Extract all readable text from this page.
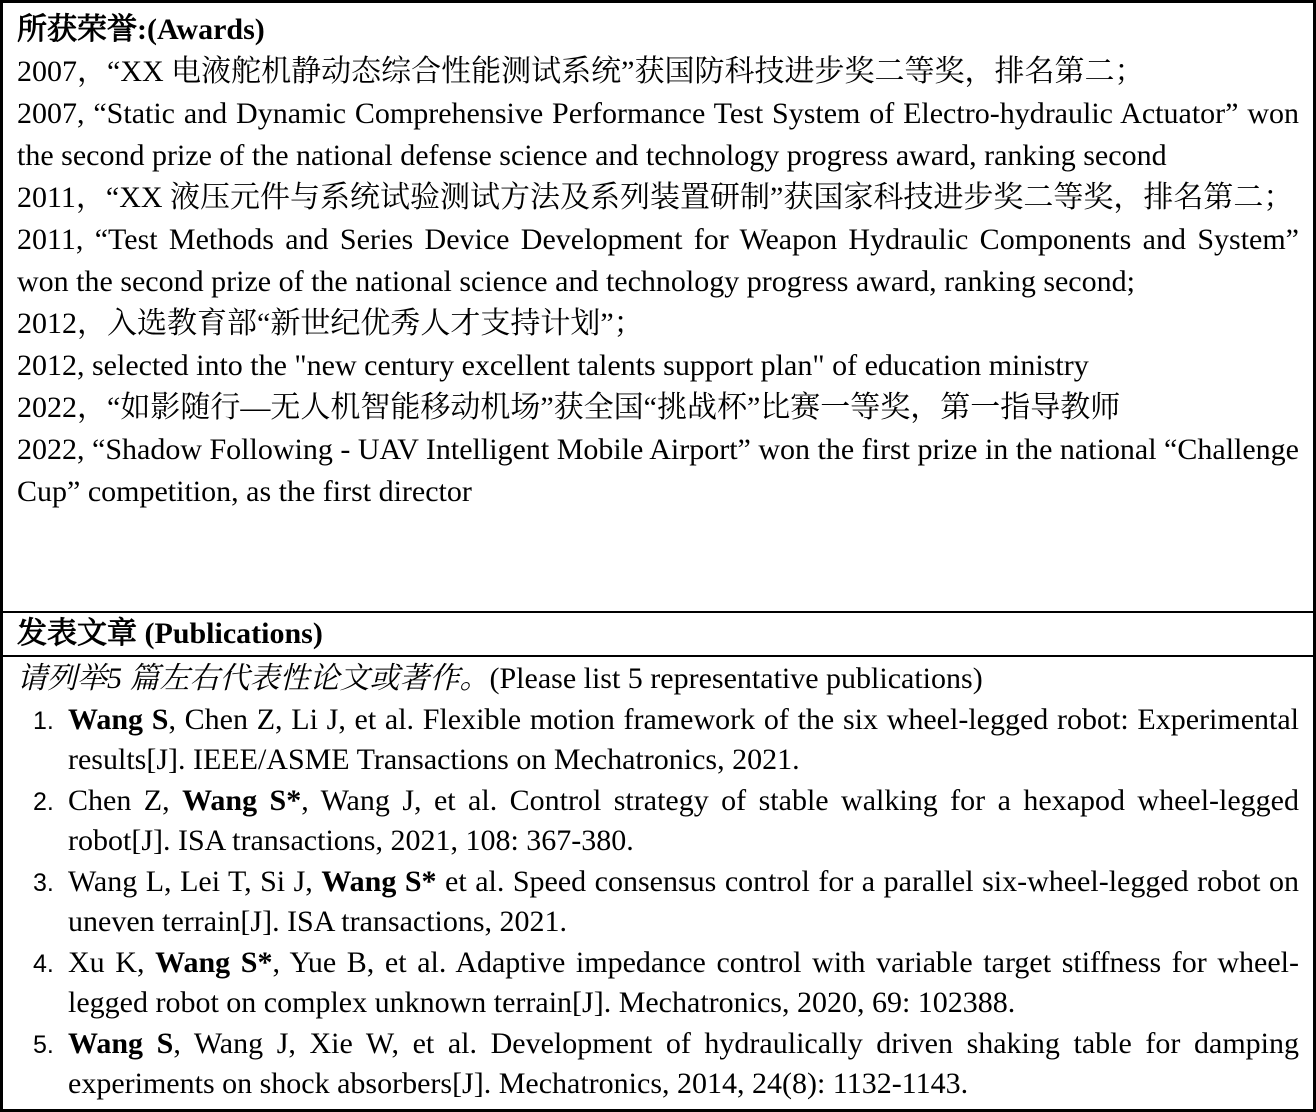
所获荣誉:(Awards)
2007，“XX 电液舵机静动态综合性能测试系统”获国防科技进步奖二等奖，排名第二；
2007, “Static and Dynamic Comprehensive Performance Test System of Electro-hydraulic Actuator” won the second prize of the national defense science and technology progress award, ranking second
2011，“XX 液压元件与系统试验测试方法及系列装置研制”获国家科技进步奖二等奖，排名第二；
2011, “Test Methods and Series Device Development for Weapon Hydraulic Components and System” won the second prize of the national science and technology progress award, ranking second;
2012，入选教育部“新世纪优秀人才支持计划”；
2012, selected into the "new century excellent talents support plan" of education ministry
2022，“如影随行—无人机智能移动机场”获全国“挑战杯”比赛一等奖，第一指导教师
2022, “Shadow Following - UAV Intelligent Mobile Airport” won the first prize in the national “Challenge Cup” competition, as the first director
发表文章 (Publications)
请列举5 篇左右代表性论文或著作。(Please list 5 representative publications)
1. Wang S, Chen Z, Li J, et al. Flexible motion framework of the six wheel-legged robot: Experimental results[J]. IEEE/ASME Transactions on Mechatronics, 2021.
2. Chen Z, Wang S*, Wang J, et al. Control strategy of stable walking for a hexapod wheel-legged robot[J]. ISA transactions, 2021, 108: 367-380.
3. Wang L, Lei T, Si J, Wang S* et al. Speed consensus control for a parallel six-wheel-legged robot on uneven terrain[J]. ISA transactions, 2021.
4. Xu K, Wang S*, Yue B, et al. Adaptive impedance control with variable target stiffness for wheel-legged robot on complex unknown terrain[J]. Mechatronics, 2020, 69: 102388.
5. Wang S, Wang J, Xie W, et al. Development of hydraulically driven shaking table for damping experiments on shock absorbers[J]. Mechatronics, 2014, 24(8): 1132-1143.
